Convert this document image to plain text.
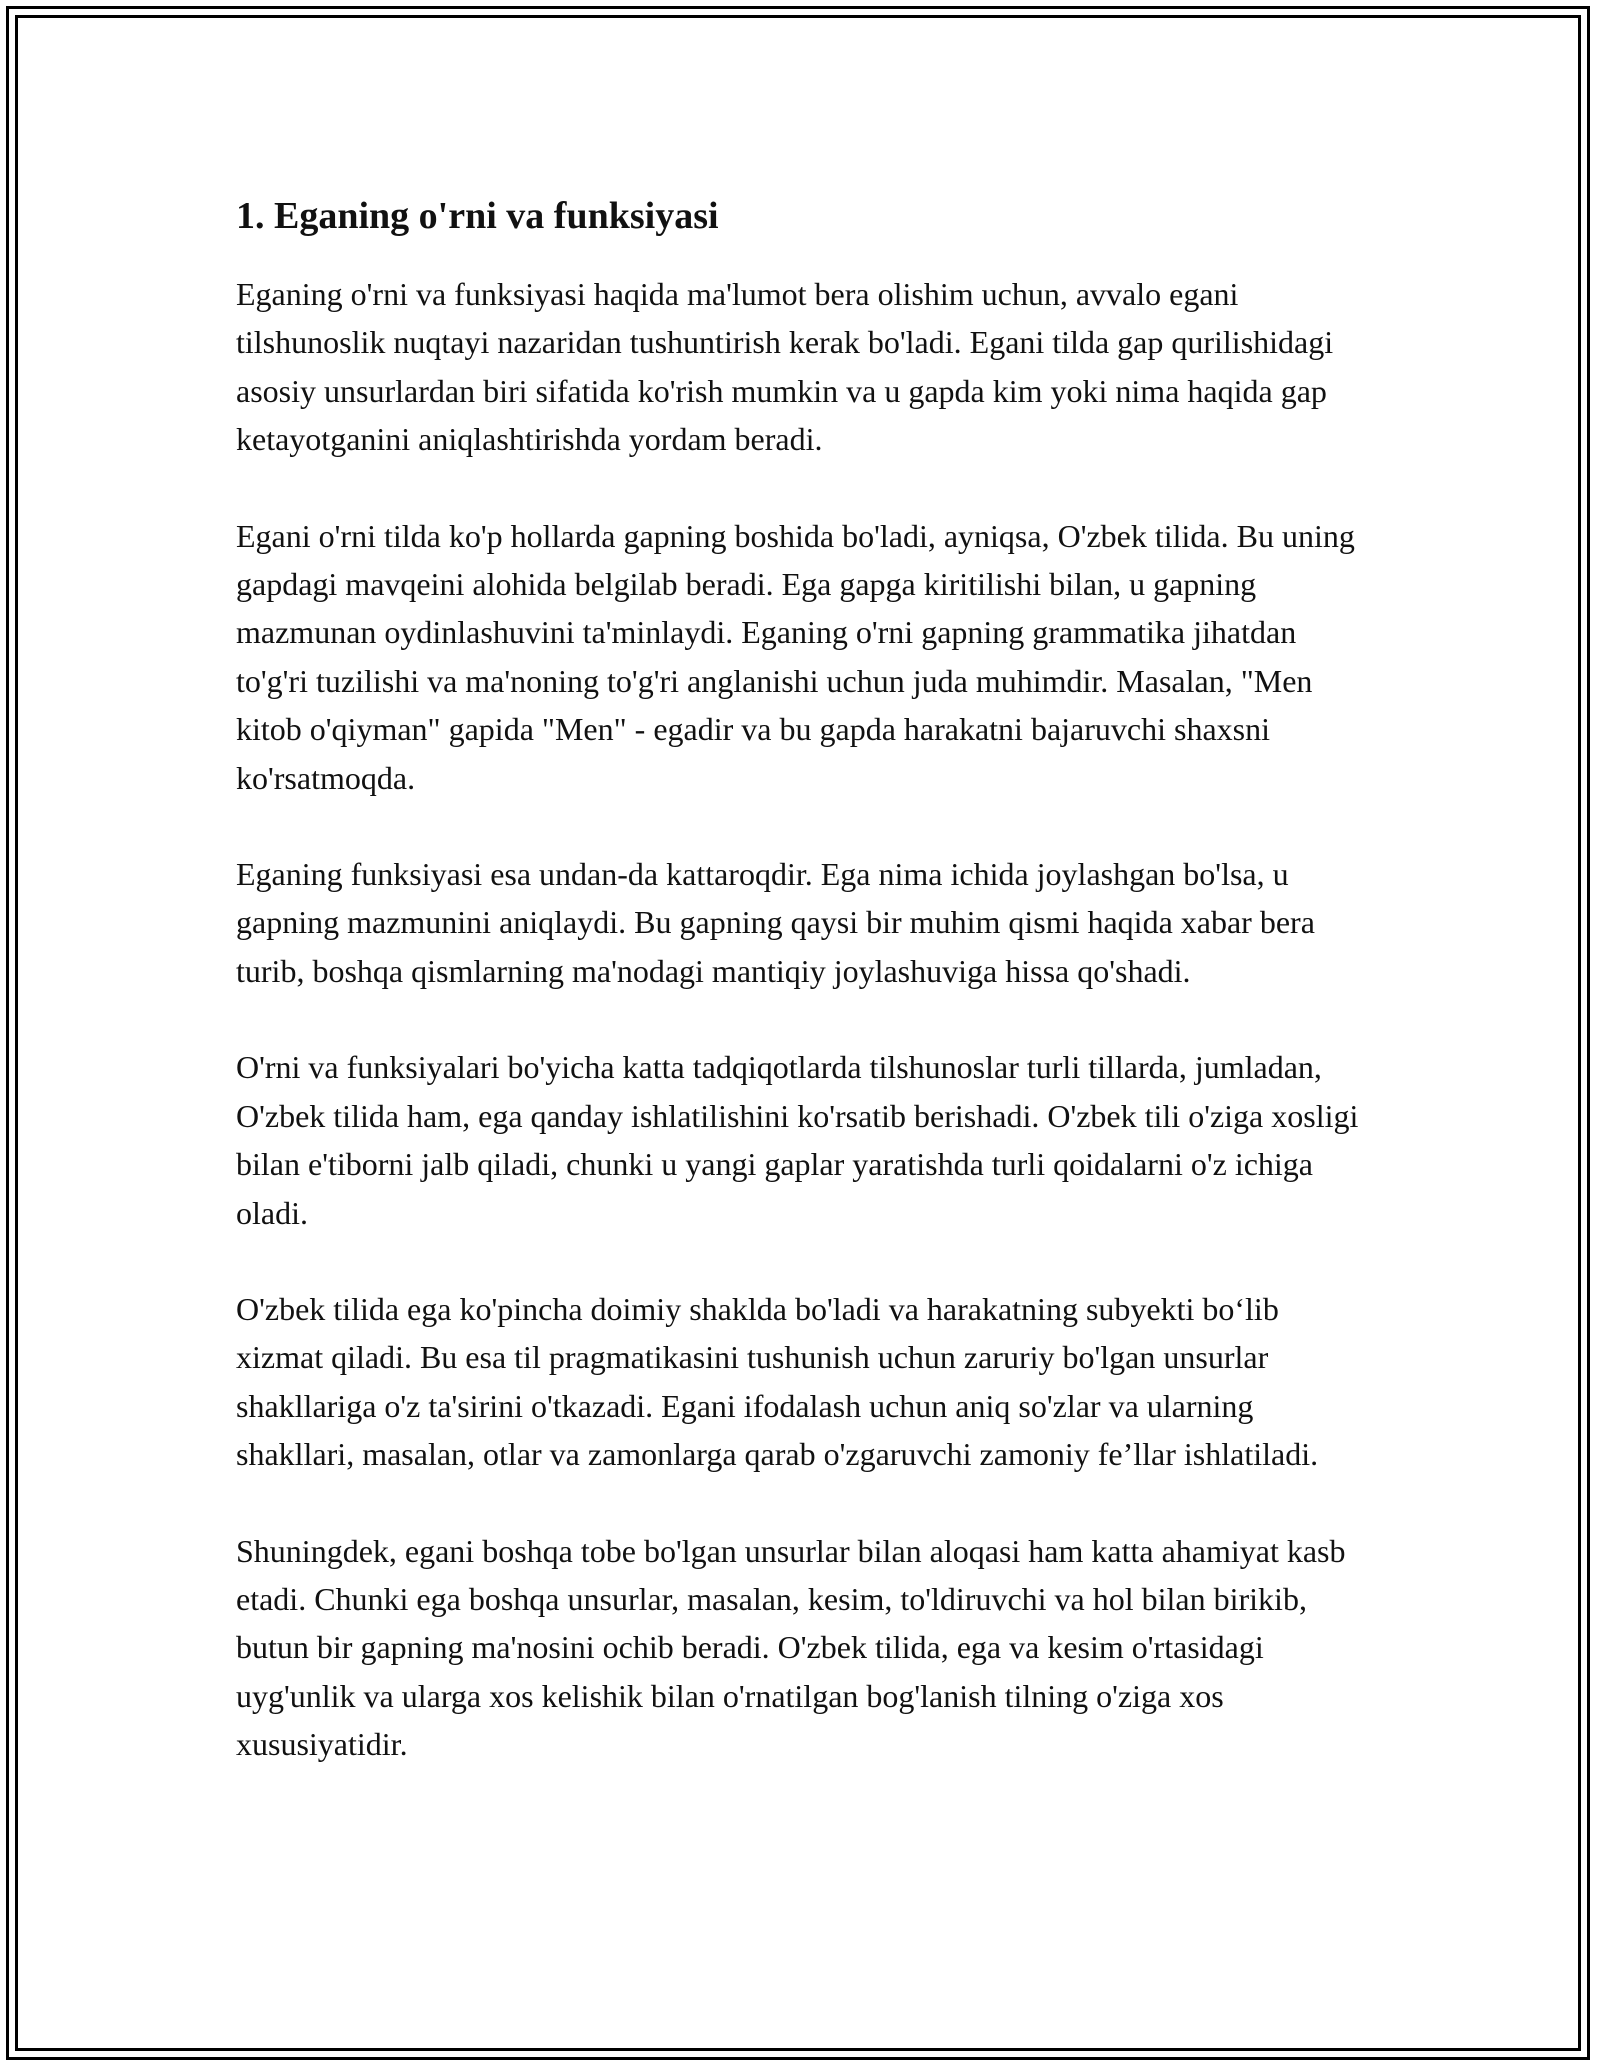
1. Eganing o'rni va funksiyasi

Eganing o'rni va funksiyasi haqida ma'lumot bera olishim uchun, avvalo egani tilshunoslik nuqtayi nazaridan tushuntirish kerak bo'ladi. Egani tilda gap qurilishidagi asosiy unsurlardan biri sifatida ko'rish mumkin va u gapda kim yoki nima haqida gap ketayotganini aniqlashtirishda yordam beradi.

Egani o'rni tilda ko'p hollarda gapning boshida bo'ladi, ayniqsa, O'zbek tilida. Bu uning gapdagi mavqeini alohida belgilab beradi. Ega gapga kiritilishi bilan, u gapning mazmunan oydinlashuvini ta'minlaydi. Eganing o'rni gapning grammatika jihatdan to'g'ri tuzilishi va ma'noning to'g'ri anglanishi uchun juda muhimdir. Masalan, "Men kitob o'qiyman" gapida "Men" - egadir va bu gapda harakatni bajaruvchi shaxsni ko'rsatmoqda.

Eganing funksiyasi esa undan-da kattaroqdir. Ega nima ichida joylashgan bo'lsa, u gapning mazmunini aniqlaydi. Bu gapning qaysi bir muhim qismi haqida xabar bera turib, boshqa qismlarning ma'nodagi mantiqiy joylashuviga hissa qo'shadi.

O'rni va funksiyalari bo'yicha katta tadqiqotlarda tilshunoslar turli tillarda, jumladan, O'zbek tilida ham, ega qanday ishlatilishini ko'rsatib berishadi. O'zbek tili o'ziga xosligi bilan e'tiborni jalb qiladi, chunki u yangi gaplar yaratishda turli qoidalarni o'z ichiga oladi.

O'zbek tilida ega ko'pincha doimiy shaklda bo'ladi va harakatning subyekti bo‘lib xizmat qiladi. Bu esa til pragmatikasini tushunish uchun zaruriy bo'lgan unsurlar shakllariga o'z ta'sirini o'tkazadi. Egani ifodalash uchun aniq so'zlar va ularning shakllari, masalan, otlar va zamonlarga qarab o'zgaruvchi zamoniy fe’llar ishlatiladi.

Shuningdek, egani boshqa tobe bo'lgan unsurlar bilan aloqasi ham katta ahamiyat kasb etadi. Chunki ega boshqa unsurlar, masalan, kesim, to'ldiruvchi va hol bilan birikib, butun bir gapning ma'nosini ochib beradi. O'zbek tilida, ega va kesim o'rtasidagi uyg'unlik va ularga xos kelishik bilan o'rnatilgan bog'lanish tilning o'ziga xos xususiyatidir.
